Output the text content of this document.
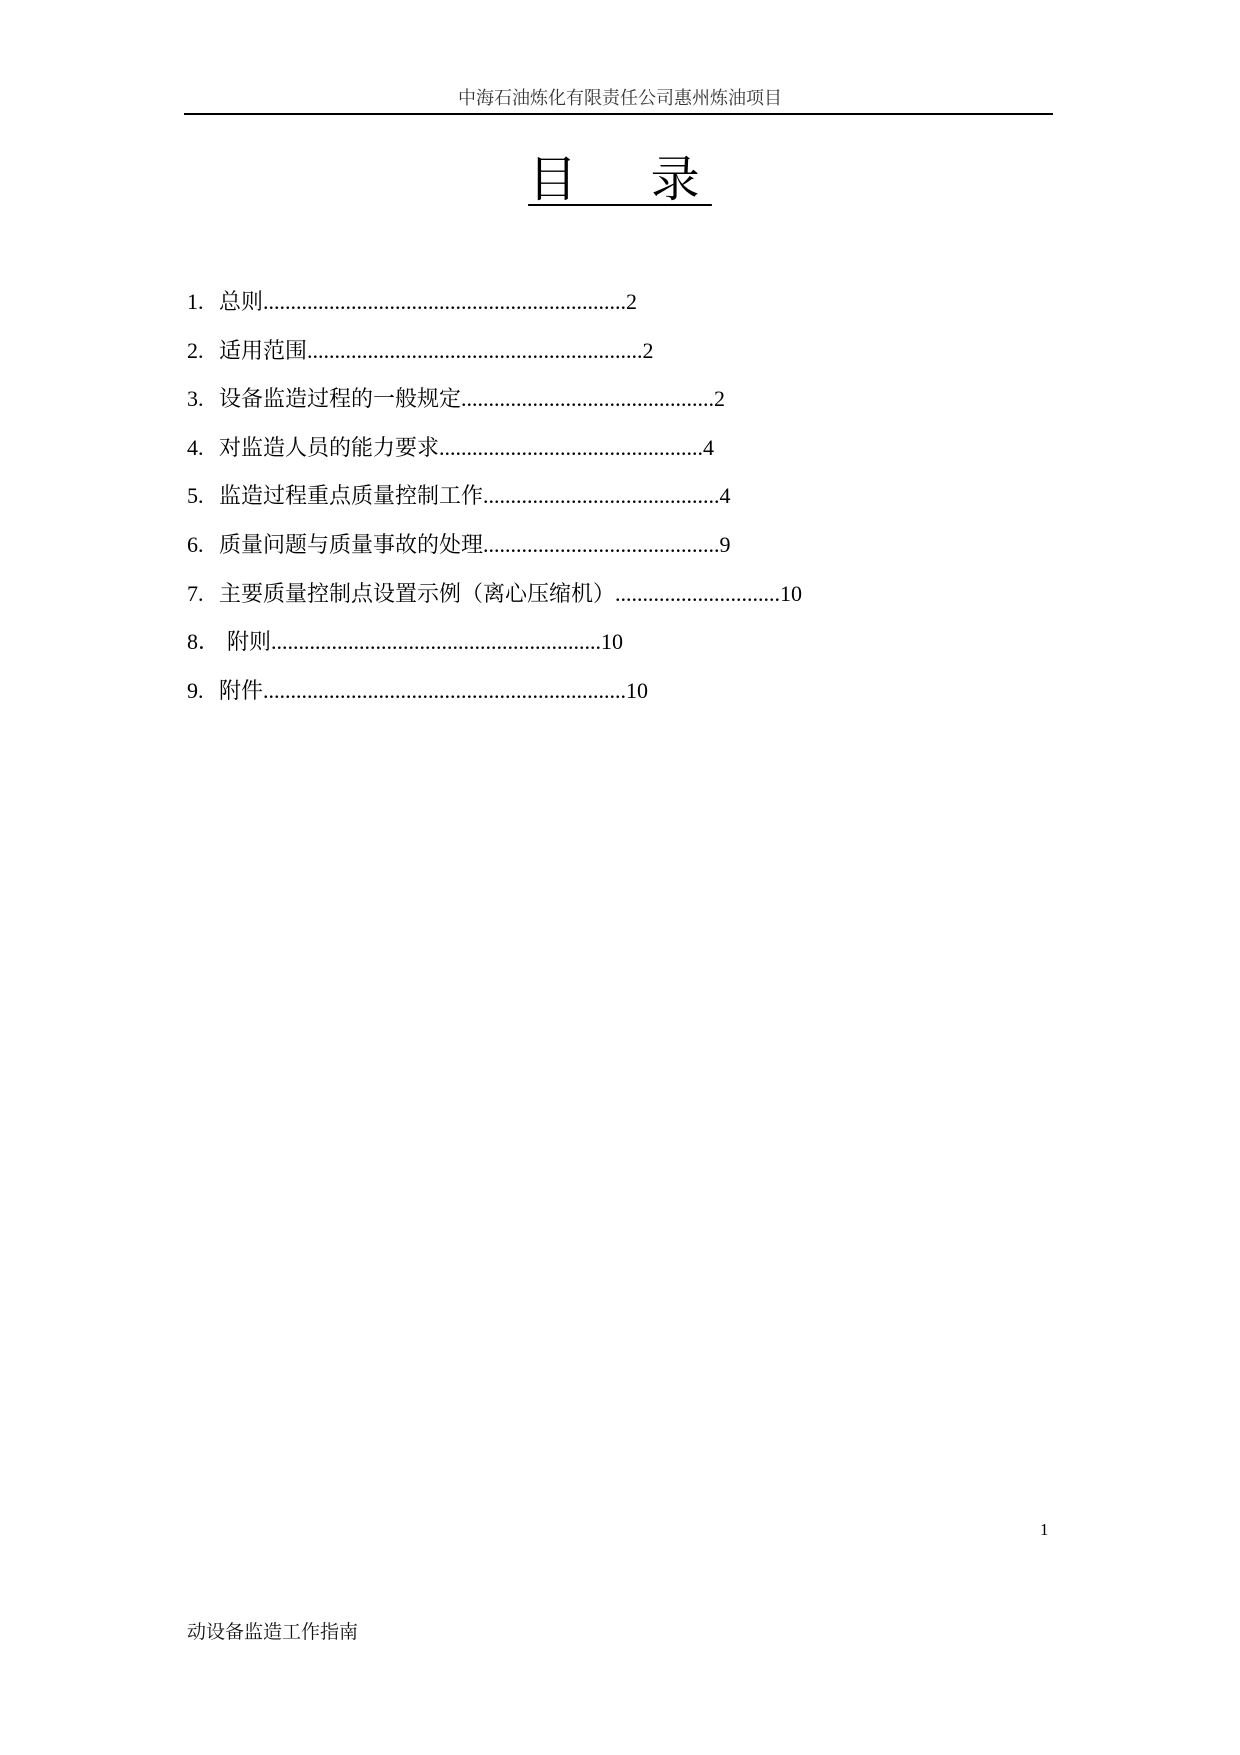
中海石油炼化有限责任公司惠州炼油项目
目　录
1. 总则..................................................................2
2. 适用范围.............................................................2
3. 设备监造过程的一般规定..............................................2
4. 对监造人员的能力要求................................................4
5. 监造过程重点质量控制工作...........................................4
6. 质量问题与质量事故的处理...........................................9
7. 主要质量控制点设置示例（离心压缩机）..............................10
8． 附则............................................................10
9. 附件..................................................................10
1
动设备监造工作指南
